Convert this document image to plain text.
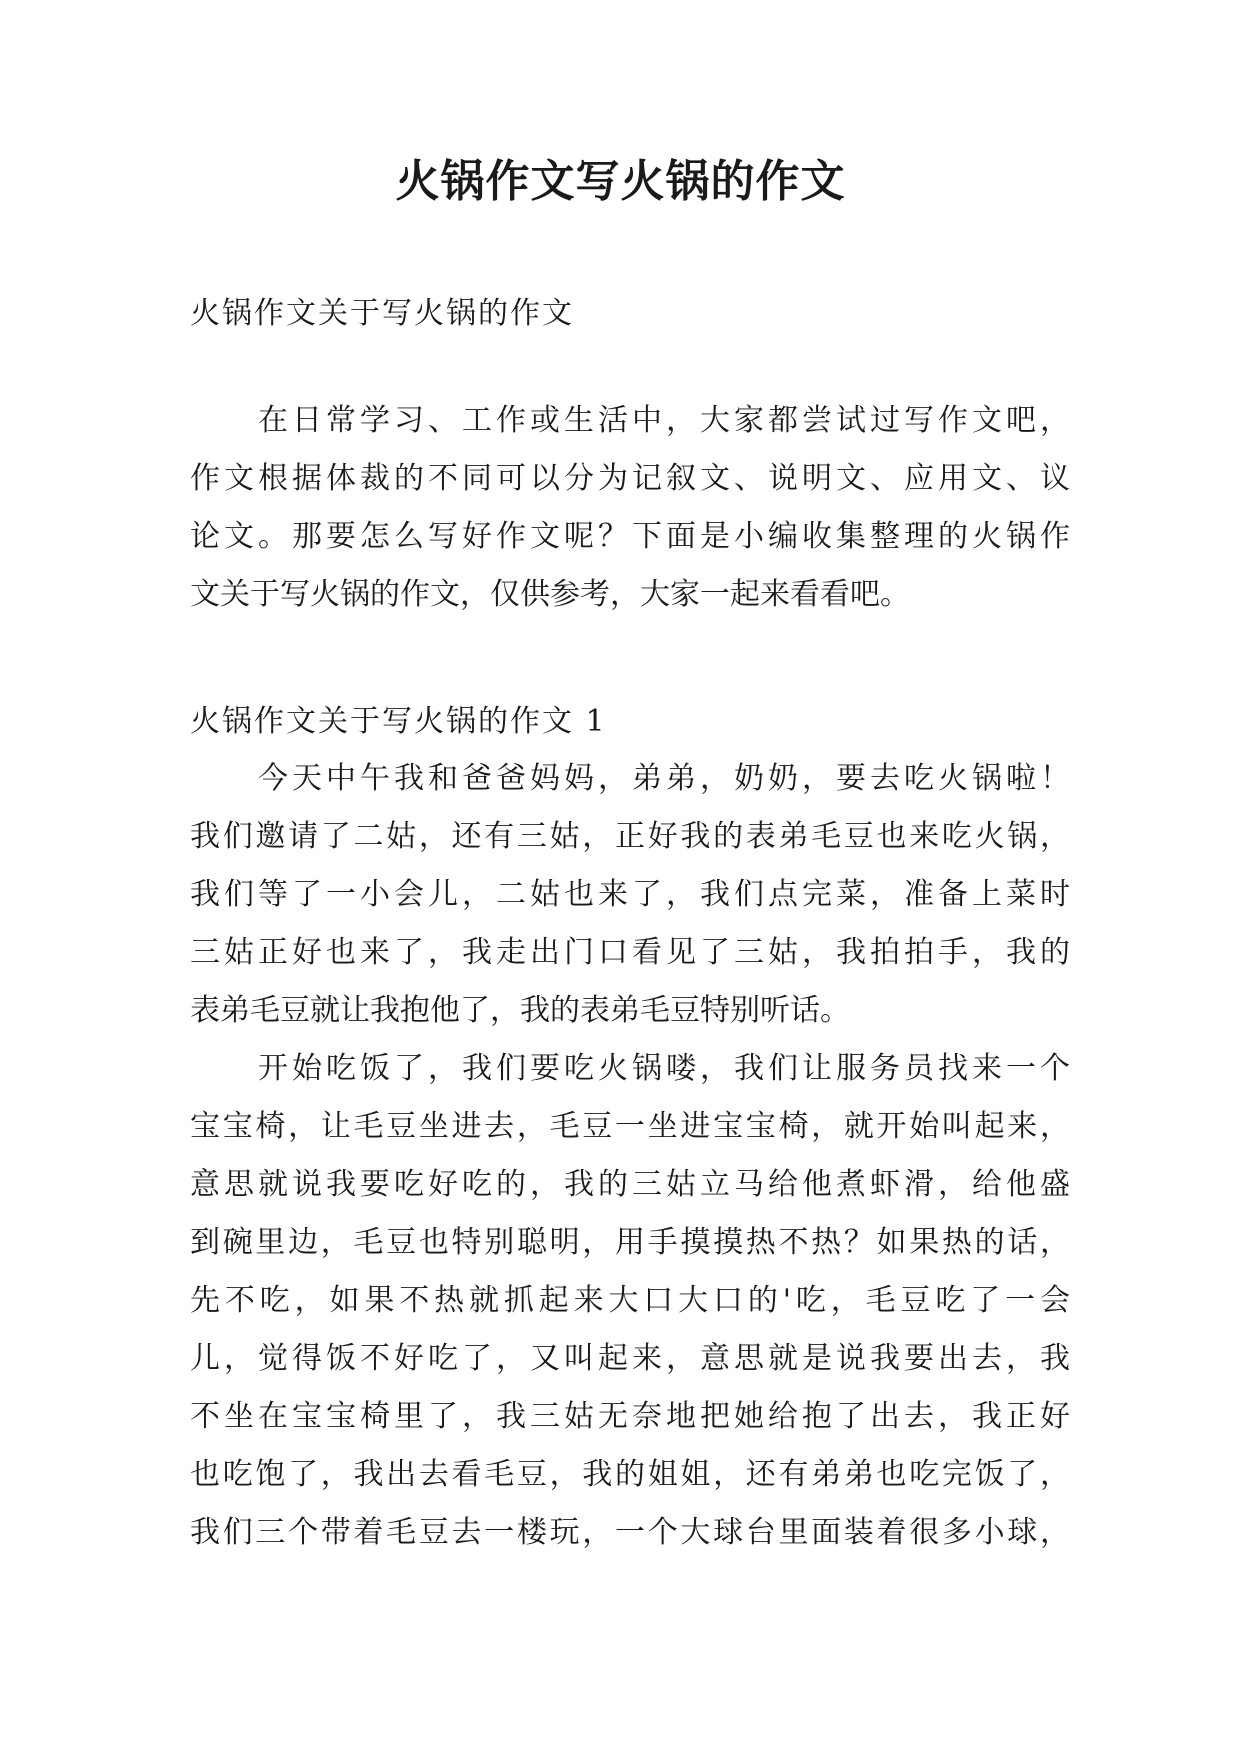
火锅作文写火锅的作文

火锅作文关于写火锅的作文

在日常学习、工作或生活中，大家都尝试过写作文吧，
作文根据体裁的不同可以分为记叙文、说明文、应用文、议
论文。那要怎么写好作文呢？下面是小编收集整理的火锅作
文关于写火锅的作文，仅供参考，大家一起来看看吧。

火锅作文关于写火锅的作文 1

今天中午我和爸爸妈妈，弟弟，奶奶，要去吃火锅啦！
我们邀请了二姑，还有三姑，正好我的表弟毛豆也来吃火锅，
我们等了一小会儿，二姑也来了，我们点完菜，准备上菜时
三姑正好也来了，我走出门口看见了三姑，我拍拍手，我的
表弟毛豆就让我抱他了，我的表弟毛豆特别听话。
开始吃饭了，我们要吃火锅喽，我们让服务员找来一个
宝宝椅，让毛豆坐进去，毛豆一坐进宝宝椅，就开始叫起来，
意思就说我要吃好吃的，我的三姑立马给他煮虾滑，给他盛
到碗里边，毛豆也特别聪明，用手摸摸热不热？如果热的话，
先不吃，如果不热就抓起来大口大口的'吃，毛豆吃了一会
儿，觉得饭不好吃了，又叫起来，意思就是说我要出去，我
不坐在宝宝椅里了，我三姑无奈地把她给抱了出去，我正好
也吃饱了，我出去看毛豆，我的姐姐，还有弟弟也吃完饭了，
我们三个带着毛豆去一楼玩，一个大球台里面装着很多小球，
